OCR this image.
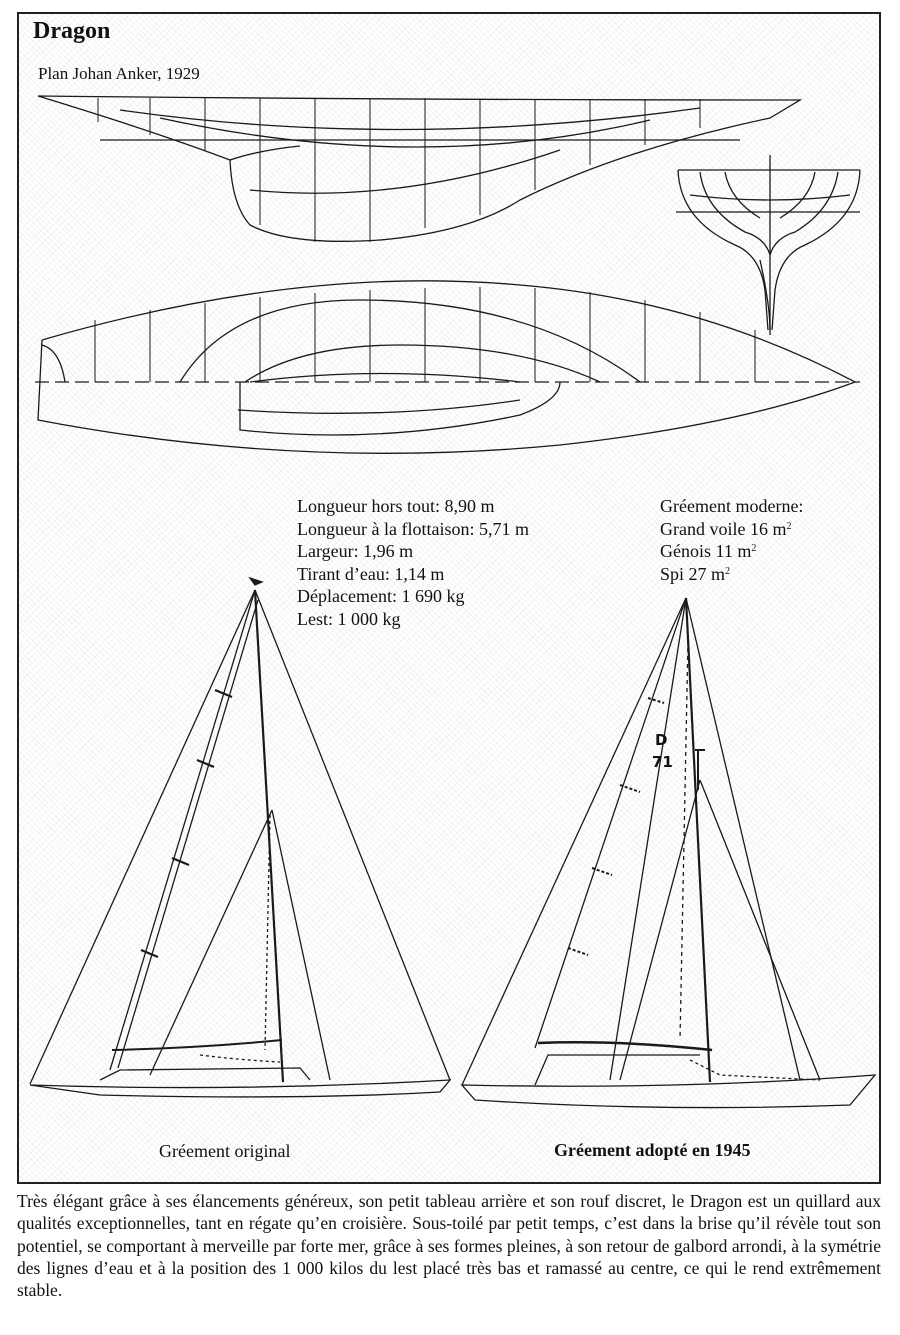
Dragon
Plan Johan Anker, 1929
Longueur hors tout: 8,90 m
Longueur à la flottaison: 5,71 m
Largeur: 1,96 m
Tirant d’eau: 1,14 m
Déplacement: 1 690 kg
Lest: 1 000 kg
Gréement moderne:
Grand voile 16 $m^2$
Génois 11 $m^2$
Spi 27 $m^2$
D
71
Gréement original	Gréement adopté en 1945

Très élégant grâce à ses élancements généreux, son petit tableau arrière et son rouf discret, le Dragon est un quillard aux qualités exceptionnelles, tant en régate qu’en croisière. Sous-toilé par petit temps, c’est dans la brise qu’il révèle tout son potentiel, se comportant à merveille par forte mer, grâce à ses formes pleines, à son retour de galbord arrondi, à la symétrie des lignes d’eau et à la position des 1 000 kilos du lest placé très bas et ramassé au centre, ce qui le rend extrêmement stable.
